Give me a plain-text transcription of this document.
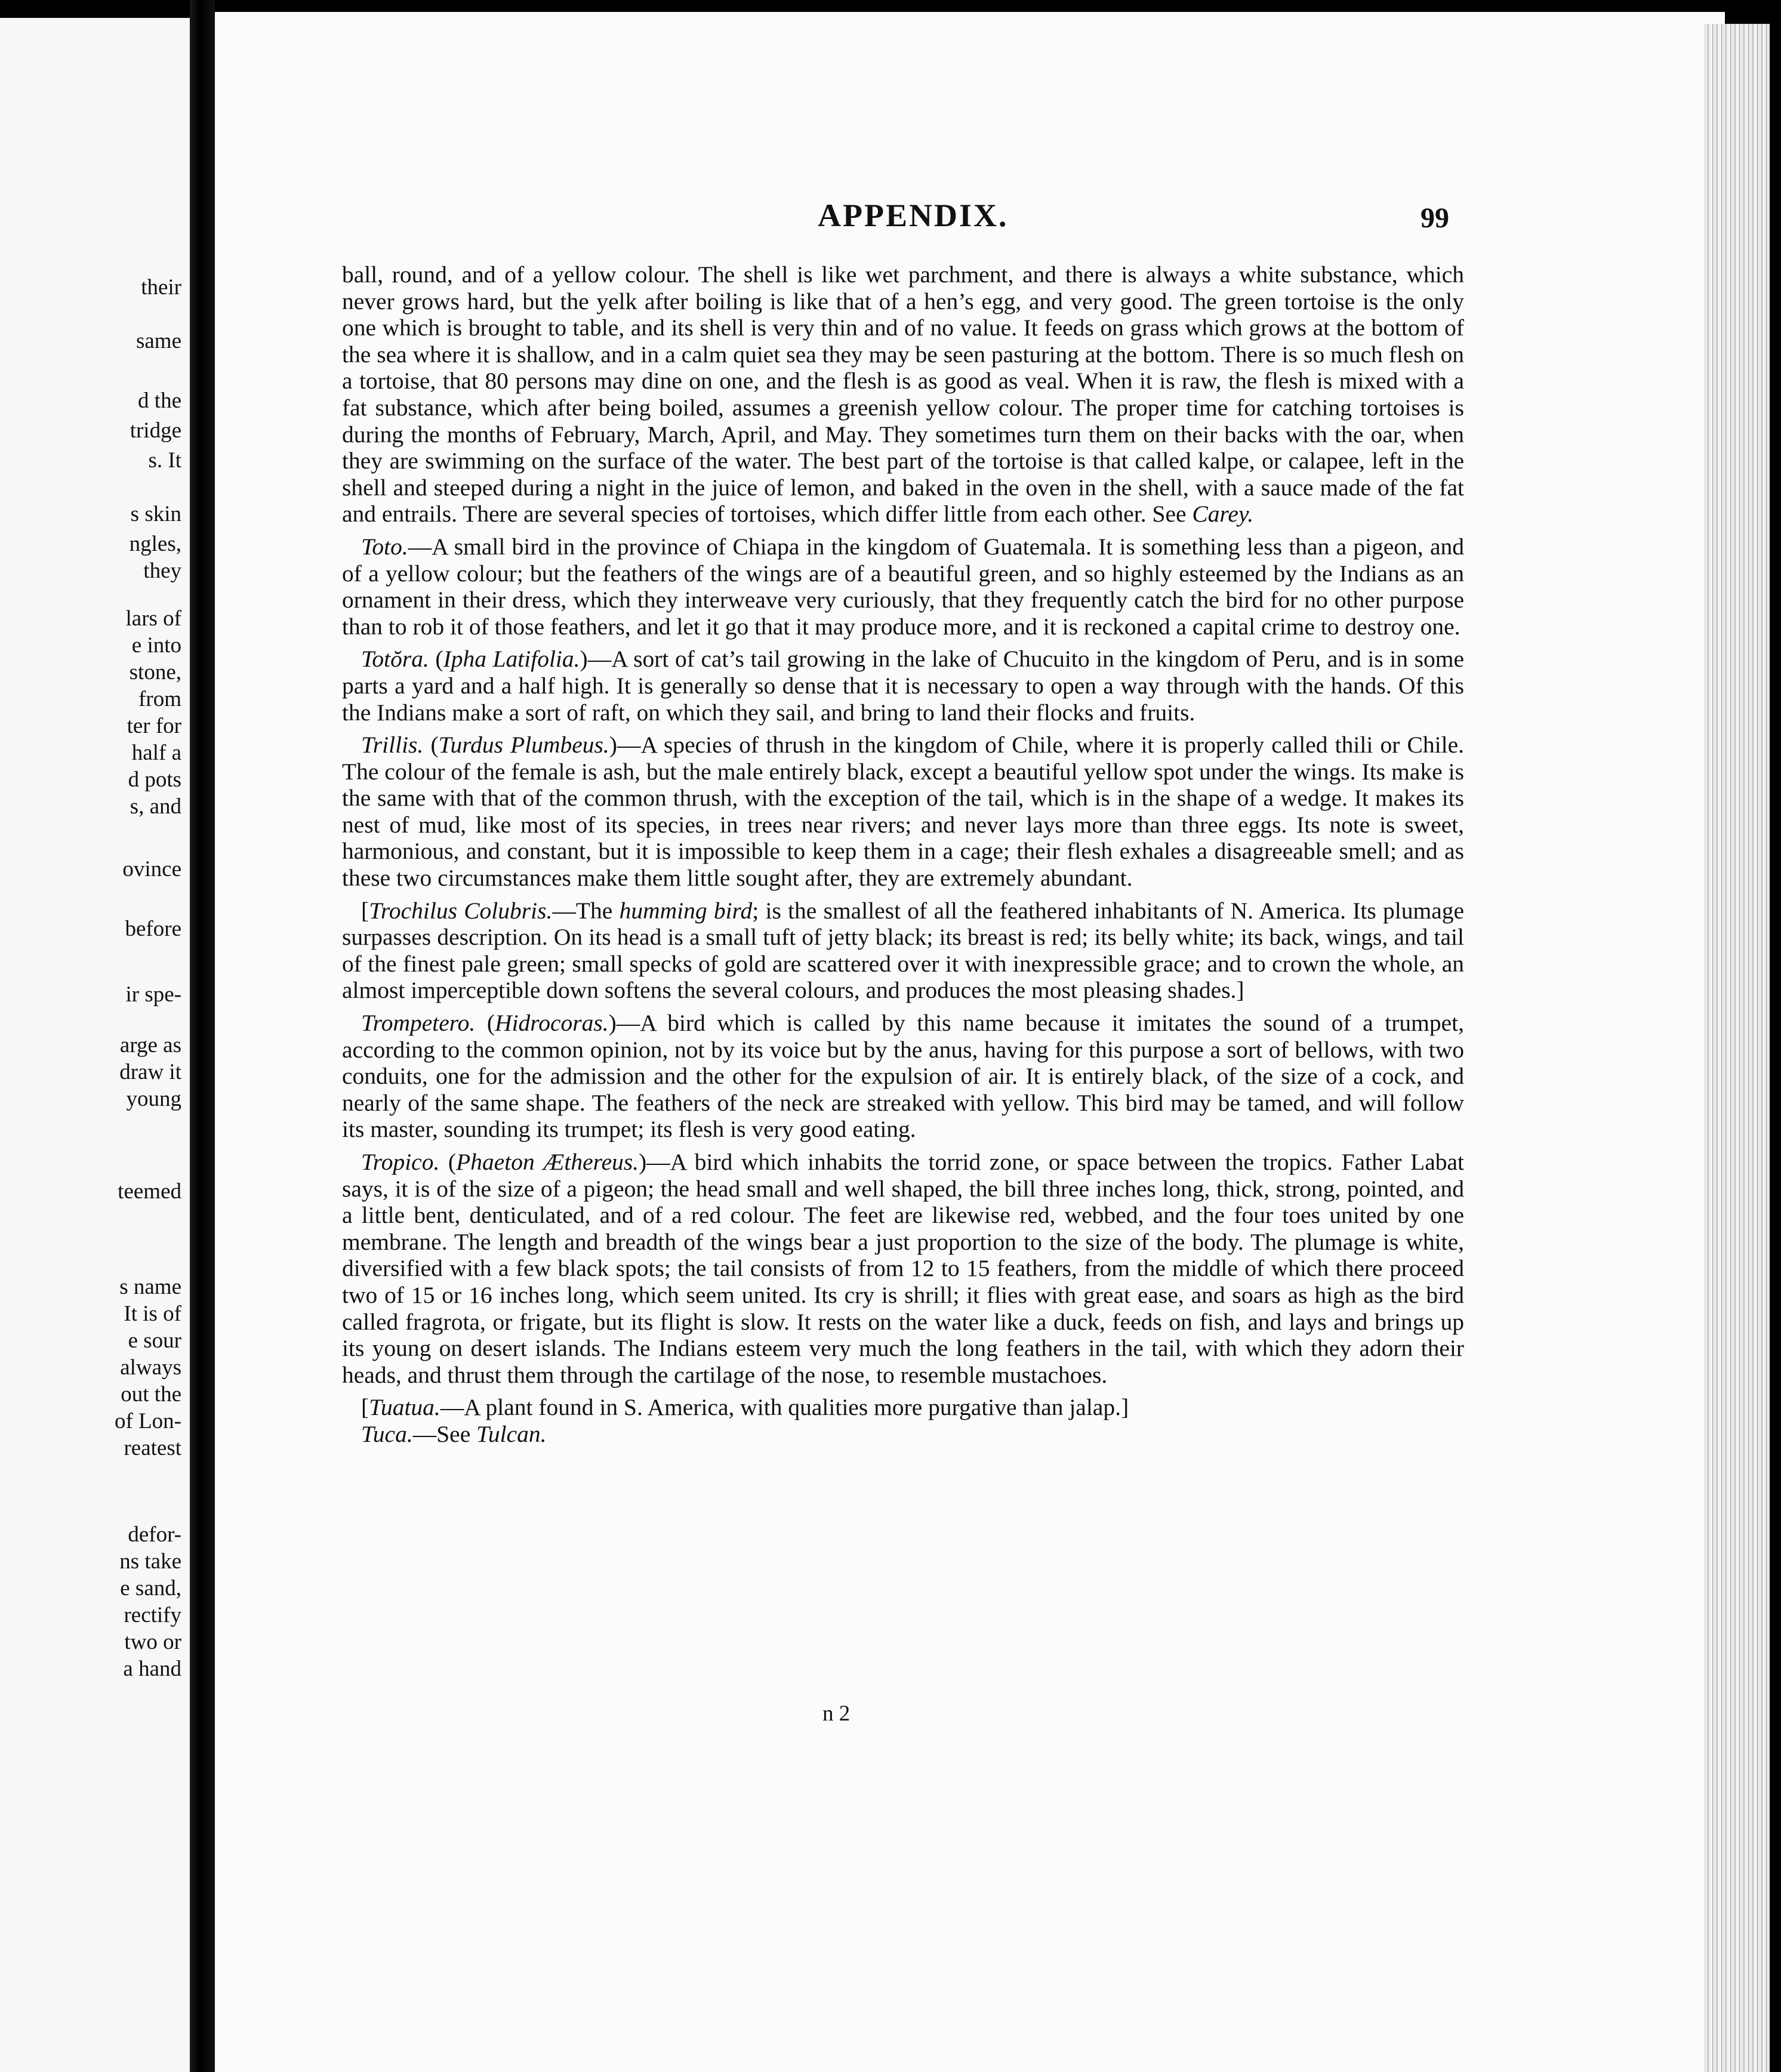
their
same
d the
tridge
s. It
s skin
ngles,
they
lars of
e into
stone,
from
ter for
half a
d pots
s, and
ovince
before
ir spe-
arge as
draw it
young
teemed
s name
It is of
e sour
always
out the
of Lon-
reatest
defor-
ns take
e sand,
rectify
two or
a hand
APPENDIX.	99

ball, round, and of a yellow colour. The shell is like wet parchment, and there is always a white substance, which never grows hard, but the yelk after boiling is like that of a hen’s egg, and very good. The green tortoise is the only one which is brought to table, and its shell is very thin and of no value. It feeds on grass which grows at the bottom of the sea where it is shallow, and in a calm quiet sea they may be seen pasturing at the bottom. There is so much flesh on a tortoise, that 80 persons may dine on one, and the flesh is as good as veal. When it is raw, the flesh is mixed with a fat substance, which after being boiled, assumes a greenish yellow colour. The proper time for catching tortoises is during the months of February, March, April, and May. They sometimes turn them on their backs with the oar, when they are swimming on the surface of the water. The best part of the tortoise is that called kalpe, or calapee, left in the shell and steeped during a night in the juice of lemon, and baked in the oven in the shell, with a sauce made of the fat and entrails. There are several species of tortoises, which differ little from each other. See Carey.

Toto.—A small bird in the province of Chiapa in the kingdom of Guatemala. It is something less than a pigeon, and of a yellow colour; but the feathers of the wings are of a beautiful green, and so highly esteemed by the Indians as an ornament in their dress, which they interweave very curiously, that they frequently catch the bird for no other purpose than to rob it of those feathers, and let it go that it may produce more, and it is reckoned a capital crime to destroy one.

Totŏra. (Ipha Latifolia.)—A sort of cat’s tail growing in the lake of Chucuito in the kingdom of Peru, and is in some parts a yard and a half high. It is generally so dense that it is necessary to open a way through with the hands. Of this the Indians make a sort of raft, on which they sail, and bring to land their flocks and fruits.

Trillis. (Turdus Plumbeus.)—A species of thrush in the kingdom of Chile, where it is properly called thili or Chile. The colour of the female is ash, but the male entirely black, except a beautiful yellow spot under the wings. Its make is the same with that of the common thrush, with the exception of the tail, which is in the shape of a wedge. It makes its nest of mud, like most of its species, in trees near rivers; and never lays more than three eggs. Its note is sweet, harmonious, and constant, but it is impossible to keep them in a cage; their flesh exhales a disagreeable smell; and as these two circumstances make them little sought after, they are extremely abundant.

[Trochilus Colubris.—The humming bird; is the smallest of all the feathered inhabitants of N. America. Its plumage surpasses description. On its head is a small tuft of jetty black; its breast is red; its belly white; its back, wings, and tail of the finest pale green; small specks of gold are scattered over it with inexpressible grace; and to crown the whole, an almost imperceptible down softens the several colours, and produces the most pleasing shades.]

Trompetero. (Hidrocoras.)—A bird which is called by this name because it imitates the sound of a trumpet, according to the common opinion, not by its voice but by the anus, having for this purpose a sort of bellows, with two conduits, one for the admission and the other for the expulsion of air. It is entirely black, of the size of a cock, and nearly of the same shape. The feathers of the neck are streaked with yellow. This bird may be tamed, and will follow its master, sounding its trumpet; its flesh is very good eating.

Tropico. (Phaeton Æthereus.)—A bird which inhabits the torrid zone, or space between the tropics. Father Labat says, it is of the size of a pigeon; the head small and well shaped, the bill three inches long, thick, strong, pointed, and a little bent, denticulated, and of a red colour. The feet are likewise red, webbed, and the four toes united by one membrane. The length and breadth of the wings bear a just proportion to the size of the body. The plumage is white, diversified with a few black spots; the tail consists of from 12 to 15 feathers, from the middle of which there proceed two of 15 or 16 inches long, which seem united. Its cry is shrill; it flies with great ease, and soars as high as the bird called fragrota, or frigate, but its flight is slow. It rests on the water like a duck, feeds on fish, and lays and brings up its young on desert islands. The Indians esteem very much the long feathers in the tail, with which they adorn their heads, and thrust them through the cartilage of the nose, to resemble mustachoes.

[Tuatua.—A plant found in S. America, with qualities more purgative than jalap.]

Tuca.—See Tulcan.

n 2
